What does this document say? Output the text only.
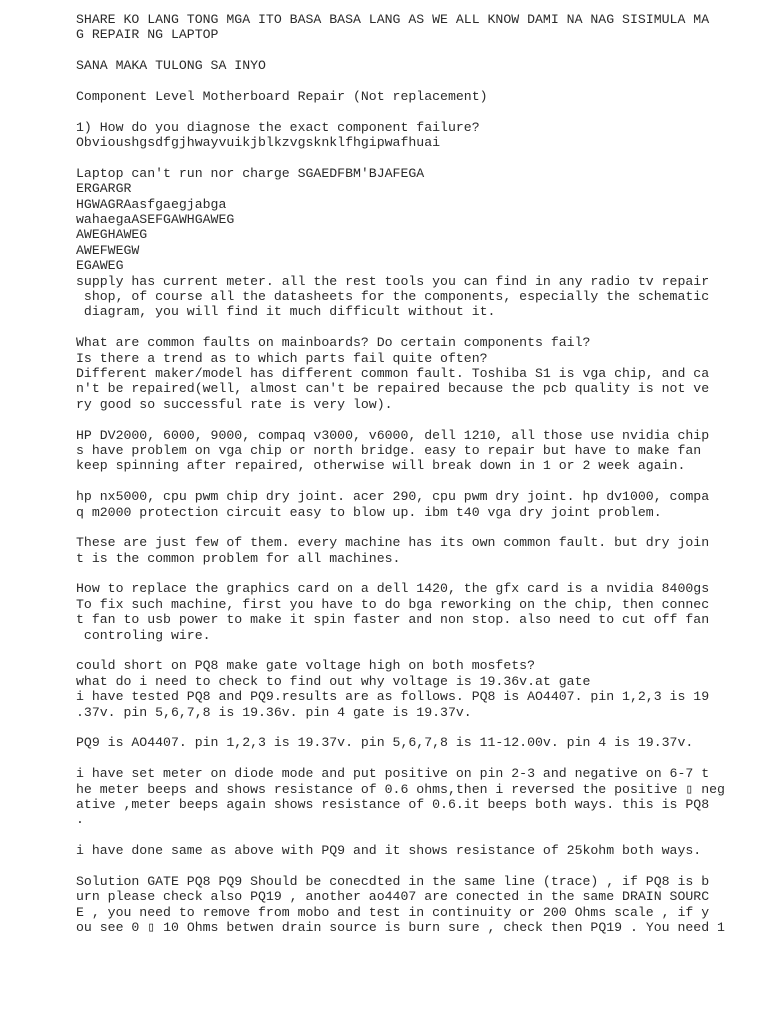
SHARE KO LANG TONG MGA ITO BASA BASA LANG AS WE ALL KNOW DAMI NA NAG SISIMULA MA
G REPAIR NG LAPTOP
SANA MAKA TULONG SA INYO
Component Level Motherboard Repair (Not replacement)
1) How do you diagnose the exact component failure?
Obvioushgsdfgjhwayvuikjblkzvgsknklfhgipwafhuai
Laptop can't run nor charge SGAEDFBM'BJAFEGA
ERGARGR
HGWAGRAasfgaegjabga
wahaegaASEFGAWHGAWEG
AWEGHAWEG
AWEFWEGW
EGAWEG
supply has current meter. all the rest tools you can find in any radio tv repair
shop, of course all the datasheets for the components, especially the schematic
diagram, you will find it much difficult without it.
What are common faults on mainboards? Do certain components fail?
Is there a trend as to which parts fail quite often?
Different maker/model has different common fault. Toshiba S1 is vga chip, and ca
n't be repaired(well, almost can't be repaired because the pcb quality is not ve
ry good so successful rate is very low).
HP DV2000, 6000, 9000, compaq v3000, v6000, dell 1210, all those use nvidia chip
s have problem on vga chip or north bridge. easy to repair but have to make fan
keep spinning after repaired, otherwise will break down in 1 or 2 week again.
hp nx5000, cpu pwm chip dry joint. acer 290, cpu pwm dry joint. hp dv1000, compa
q m2000 protection circuit easy to blow up. ibm t40 vga dry joint problem.
These are just few of them. every machine has its own common fault. but dry join
t is the common problem for all machines.
How to replace the graphics card on a dell 1420, the gfx card is a nvidia 8400gs
To fix such machine, first you have to do bga reworking on the chip, then connec
t fan to usb power to make it spin faster and non stop. also need to cut off fan
controling wire.
could short on PQ8 make gate voltage high on both mosfets?
what do i need to check to find out why voltage is 19.36v.at gate
i have tested PQ8 and PQ9.results are as follows. PQ8 is AO4407. pin 1,2,3 is 19
.37v. pin 5,6,7,8 is 19.36v. pin 4 gate is 19.37v.
PQ9 is AO4407. pin 1,2,3 is 19.37v. pin 5,6,7,8 is 11-12.00v. pin 4 is 19.37v.
i have set meter on diode mode and put positive on pin 2-3 and negative on 6-7 t
he meter beeps and shows resistance of 0.6 ohms,then i reversed the positive ▯ neg
ative ,meter beeps again shows resistance of 0.6.it beeps both ways. this is PQ8
.
i have done same as above with PQ9 and it shows resistance of 25kohm both ways.
Solution GATE PQ8 PQ9 Should be conecdted in the same line (trace) , if PQ8 is b
urn please check also PQ19 , another ao4407 are conected in the same DRAIN SOURC
E , you need to remove from mobo and test in continuity or 200 Ohms scale , if y
ou see 0 ▯ 10 Ohms betwen drain source is burn sure , check then PQ19 . You need 1
